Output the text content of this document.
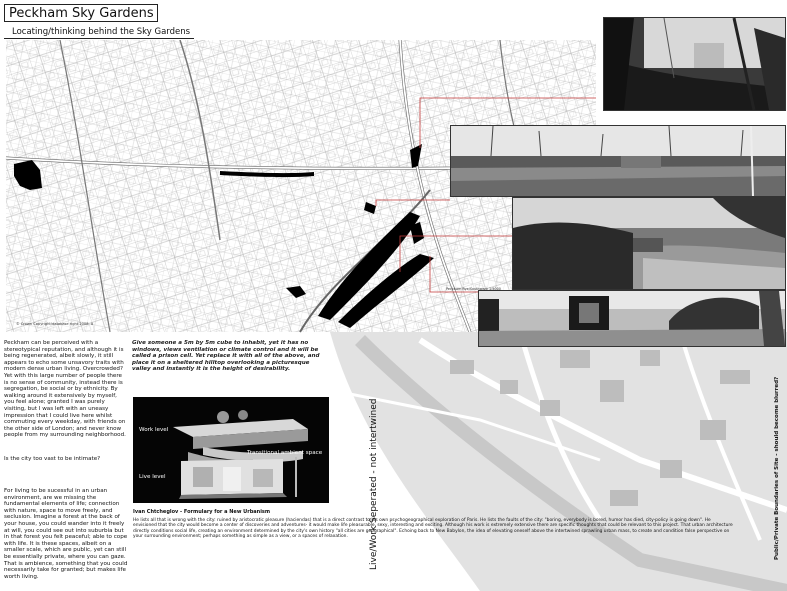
Peckham Sky Gardens
Locating/thinking behind the Sky Gardens
© Crown Copyright/database right 2008. A
Peckham Rye/Southwark 1:5000
Peckham can be perceived with a stereotypical reputation, and although it is being regenerated, albeit slowly, it still appears to echo some unsavory traits with modern dense urban living. Overcrowded? Yet with this large number of people there is no sense of community, instead there is segregation, be social or by ethnicity. By walking around it extensively by myself, you feel alone; granted I was purely visiting, but I was left with an uneasy impression that I could live here whilst commuting every weekday, with friends on the other side of London; and never know people from my surrounding neighborhood.
Is the city too vast to be intimate?
For living to be sucessful in an urban environment, are we missing the fundamental elements of life; connection with nature, space to move freely, and seclusion. Imagine a forest at the back of your house, you could wander into it freely at will, you could see out into suburbia but in that forest you felt peaceful; able to cope with life. It is these spaces, albeit on a smaller scale, which are public, yet can still be essentially private, where you can gaze. That is ambience, something that you could necessarily take for granted; but makes life worth living.
Give someone a 5m by 5m cube to inhabit, yet it has no windows, views ventilation or climate control and it will be called a prison cell. Yet replace it with all of the above, and place it on a sheltered hilltop overlooking a picturesque valley and instantly it is the height of desirability.
Work level
Transitional ambient space
Live level	Live/Work Seperated - not intertwined	Public/Private Boundaries of Site - should become blurred?
Ivan Chtcheglov - Formulary for a New Urbanism
He lists all that is wrong with the city: ruined by aristocratic pleasure (haciendas) that is a direct contrast to his own psychogeographical exploration of Paris. He lists the faults of the city: "boring, everybody is bored, humor has died, city-policy is going down". He envisioned that the city would become a center of discoveries and adventures- it would make life pleasurable, sexy, interesting and exciting. Although his work is extremely extensive there are specific thoughts that could be relevant to this project. That urban architecture directly conditions social life, creating an environment determined by the city's own history "all cities are geographical". Echoing back to New Babylon, the idea of elevating oneself above the intertwined sprawling urban mass, to create and condition false perspective on your surrounding environment; perhaps something as simple as a view, or a spaces of relaxation.
